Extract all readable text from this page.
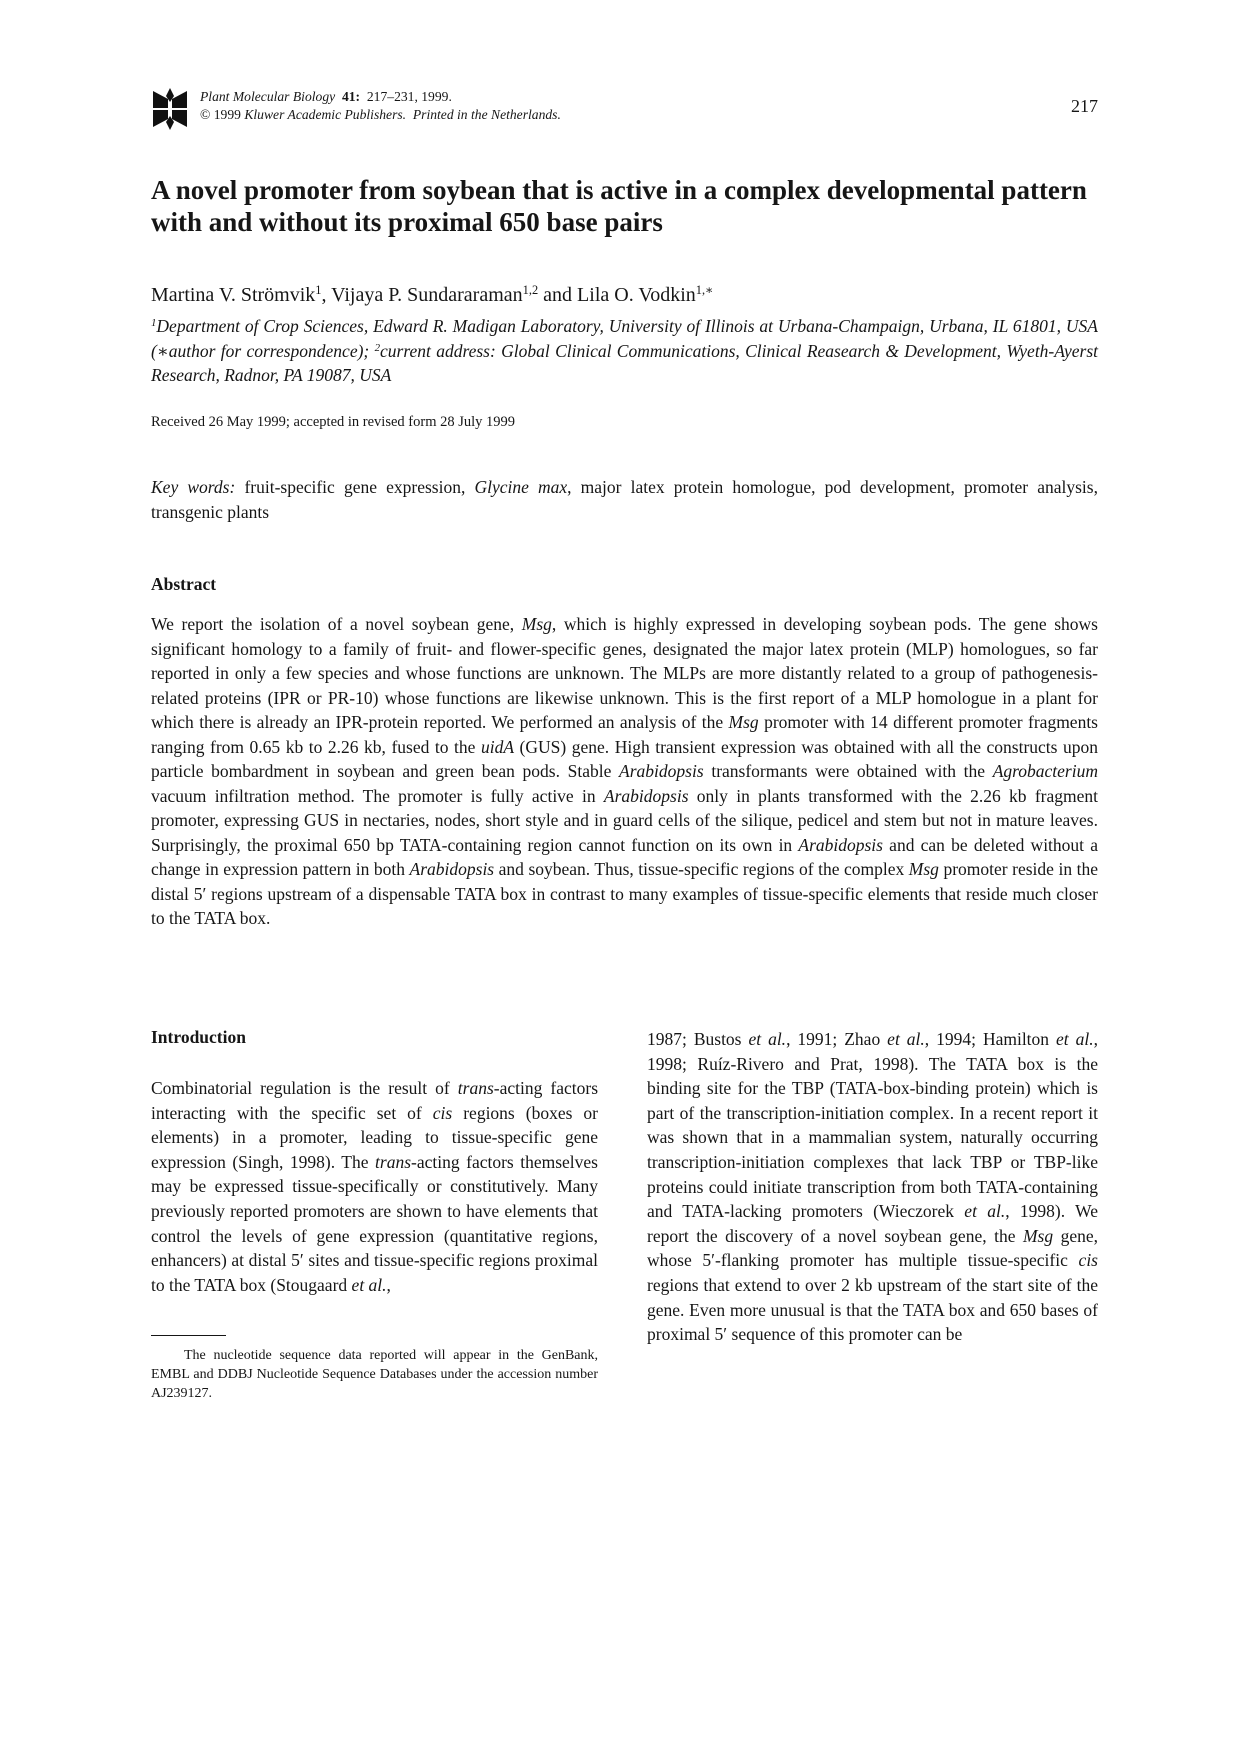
Plant Molecular Biology 41: 217–231, 1999.
© 1999 Kluwer Academic Publishers. Printed in the Netherlands.	217
A novel promoter from soybean that is active in a complex developmental pattern with and without its proximal 650 base pairs
Martina V. Strömvik$^1$, Vijaya P. Sundararaman$^{1,2}$ and Lila O. Vodkin$^{1,∗}$
$^1$Department of Crop Sciences, Edward R. Madigan Laboratory, University of Illinois at Urbana-Champaign, Urbana, IL 61801, USA (∗author for correspondence); $^2$current address: Global Clinical Communications, Clinical Reasearch & Development, Wyeth-Ayerst Research, Radnor, PA 19087, USA
Received 26 May 1999; accepted in revised form 28 July 1999
Key words: fruit-specific gene expression, Glycine max, major latex protein homologue, pod development, promoter analysis, transgenic plants
Abstract

We report the isolation of a novel soybean gene, Msg, which is highly expressed in developing soybean pods. The gene shows significant homology to a family of fruit- and flower-specific genes, designated the major latex protein (MLP) homologues, so far reported in only a few species and whose functions are unknown. The MLPs are more distantly related to a group of pathogenesis-related proteins (IPR or PR-10) whose functions are likewise unknown. This is the first report of a MLP homologue in a plant for which there is already an IPR-protein reported. We performed an analysis of the Msg promoter with 14 different promoter fragments ranging from 0.65 kb to 2.26 kb, fused to the uidA (GUS) gene. High transient expression was obtained with all the constructs upon particle bombardment in soybean and green bean pods. Stable Arabidopsis transformants were obtained with the Agrobacterium vacuum infiltration method. The promoter is fully active in Arabidopsis only in plants transformed with the 2.26 kb fragment promoter, expressing GUS in nectaries, nodes, short style and in guard cells of the silique, pedicel and stem but not in mature leaves. Surprisingly, the proximal 650 bp TATA-containing region cannot function on its own in Arabidopsis and can be deleted without a change in expression pattern in both Arabidopsis and soybean. Thus, tissue-specific regions of the complex Msg promoter reside in the distal 5′ regions upstream of a dispensable TATA box in contrast to many examples of tissue-specific elements that reside much closer to the TATA box.

Introduction

Combinatorial regulation is the result of trans-acting factors interacting with the specific set of cis regions (boxes or elements) in a promoter, leading to tissue-specific gene expression (Singh, 1998). The trans-acting factors themselves may be expressed tissue-specifically or constitutively. Many previously reported promoters are shown to have elements that control the levels of gene expression (quantitative regions, enhancers) at distal 5′ sites and tissue-specific regions proximal to the TATA box (Stougaard et al.,

1987; Bustos et al., 1991; Zhao et al., 1994; Hamilton et al., 1998; Ruíz-Rivero and Prat, 1998). The TATA box is the binding site for the TBP (TATA-box-binding protein) which is part of the transcription-initiation complex. In a recent report it was shown that in a mammalian system, naturally occurring transcription-initiation complexes that lack TBP or TBP-like proteins could initiate transcription from both TATA-containing and TATA-lacking promoters (Wieczorek et al., 1998). We report the discovery of a novel soybean gene, the Msg gene, whose 5′-flanking promoter has multiple tissue-specific cis regions that extend to over 2 kb upstream of the start site of the gene. Even more unusual is that the TATA box and 650 bases of proximal 5′ sequence of this promoter can be

The nucleotide sequence data reported will appear in the GenBank, EMBL and DDBJ Nucleotide Sequence Databases under the accession number AJ239127.
